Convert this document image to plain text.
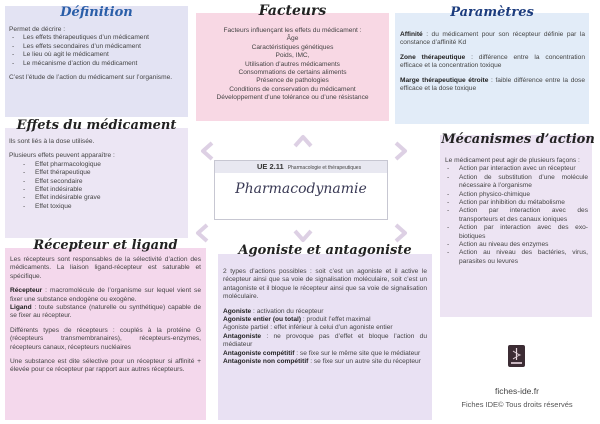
Permet de décrire :
- Les effets thérapeutiques d’un médicament
- Les effets secondaires d’un médicament
- Le lieu où agit le médicament
- Le mécanisme d’action du médicament
C’est l’étude de l’action du médicament sur l’organisme.
Définition
Facteurs influençant les effets du médicament :
Âge
Caractéristiques génétiques
Poids, IMC,
Utilisation d’autres médicaments
Consommations de certains aliments
Présence de pathologies
Conditions de conservation du médicament
Développement d’une tolérance ou d’une résistance
Facteurs
Affinité : du médicament pour son récepteur définie par la constance d’affinité Kd
Zone thérapeutique : différence entre la concentration efficace et la concentration toxique
Marge thérapeutique étroite : faible différence entre la dose efficace et la dose toxique
Paramètres
Ils sont liés à la dose utilisée.
Plusieurs effets peuvent apparaître :
- Effet pharmacologique
- Effet thérapeutique
- Effet secondaire
- Effet indésirable
- Effet indésirable grave
- Effet toxique
Effets du médicament
Le médicament peut agir de plusieurs façons :
- Action par interaction avec un récepteur
- Action de substitution d’une molécule nécessaire à l’organisme
- Action physico-chimique
- Action par inhibition du métabolisme
- Action par interaction avec des transporteurs et des canaux ioniques
- Action par interaction avec des exo-biotiques
- Action au niveau des enzymes
- Action au niveau des bactéries, virus, parasites ou levures
Mécanismes d’action
Les récepteurs sont responsables de la sélectivité d’action des médicaments. La liaison ligand-récepteur est saturable et spécifique.
Récepteur : macromolécule de l’organisme sur lequel vient se fixer une substance endogène ou exogène.
Ligand : toute substance (naturelle ou synthétique) capable de se fixer au récepteur.
Différents types de récepteurs : couplés à la protéine G (récepteurs transmembranaires), récepteurs-enzymes, récepteurs canaux, récepteurs nucléaires
Une substance est dite sélective pour un récepteur si affinité + élevée pour ce récepteur par rapport aux autres récepteurs.
Récepteur et ligand
2 types d’actions possibles : soit c’est un agoniste et il active le récepteur ainsi que sa voie de signalisation moléculaire, soit c’est un antagoniste et il bloque le récepteur ainsi que sa voie de signalisation moléculaire.
Agoniste : activation du récepteur
Agoniste entier (ou total) : produit l’effet maximal
Agoniste partiel : effet inférieur à celui d’un agoniste entier
Antagoniste : ne provoque pas d’effet et bloque l’action du médiateur
Antagoniste compétitif : se fixe sur le même site que le médiateur
Antagoniste non compétitif : se fixe sur un autre site du récepteur
Agoniste et antagoniste
UE 2.11 Pharmacologie et thérapeutiques
Pharmacodynamie
fiches-ide.fr
Fiches IDE© Tous droits réservés
